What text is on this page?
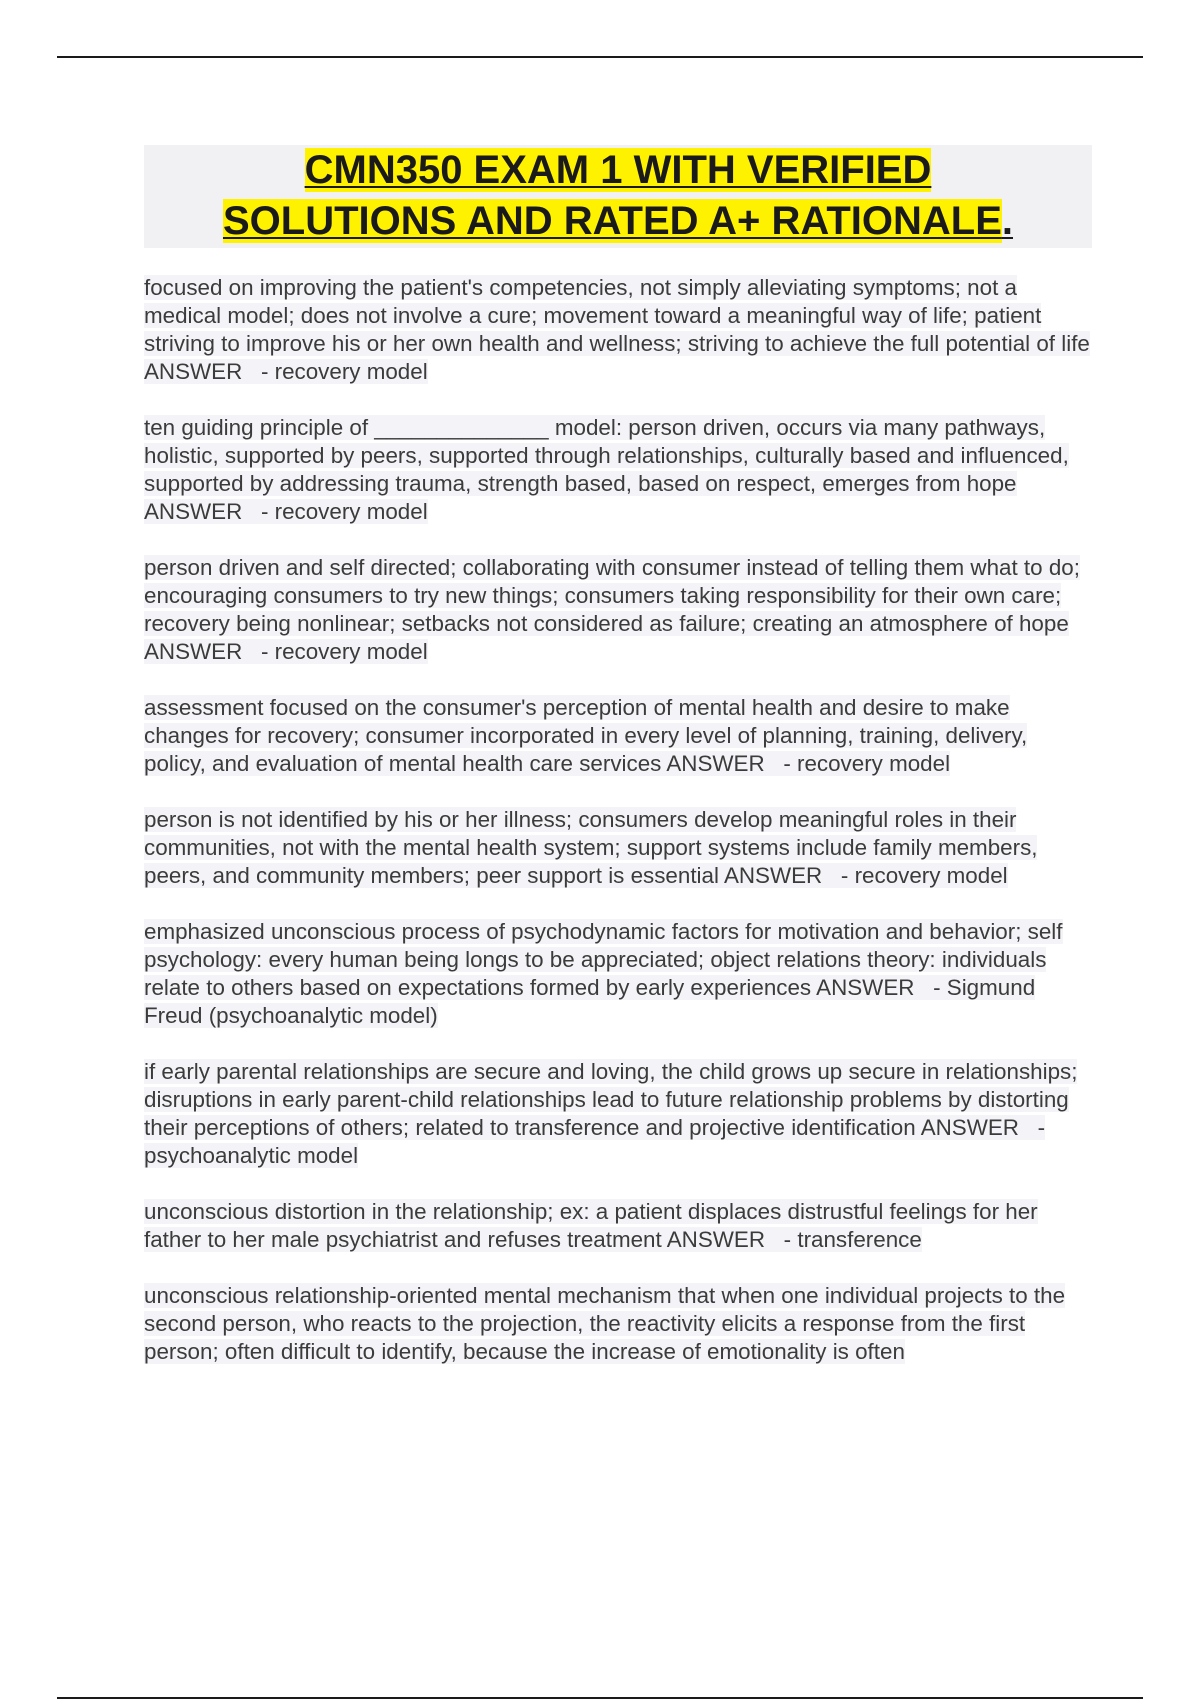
CMN350 EXAM 1 WITH VERIFIED
SOLUTIONS AND RATED A+ RATIONALE.

focused on improving the patient's competencies, not simply alleviating symptoms; not a medical model; does not involve a cure; movement toward a meaningful way of life; patient striving to improve his or her own health and wellness; striving to achieve the full potential of life ANSWER - recovery model

ten guiding principle of ______________ model: person driven, occurs via many pathways, holistic, supported by peers, supported through relationships, culturally based and influenced, supported by addressing trauma, strength based, based on respect, emerges from hope ANSWER - recovery model

person driven and self directed; collaborating with consumer instead of telling them what to do; encouraging consumers to try new things; consumers taking responsibility for their own care; recovery being nonlinear; setbacks not considered as failure; creating an atmosphere of hope ANSWER - recovery model

assessment focused on the consumer's perception of mental health and desire to make changes for recovery; consumer incorporated in every level of planning, training, delivery, policy, and evaluation of mental health care services ANSWER - recovery model

person is not identified by his or her illness; consumers develop meaningful roles in their communities, not with the mental health system; support systems include family members, peers, and community members; peer support is essential ANSWER - recovery model

emphasized unconscious process of psychodynamic factors for motivation and behavior; self psychology: every human being longs to be appreciated; object relations theory: individuals relate to others based on expectations formed by early experiences ANSWER - Sigmund Freud (psychoanalytic model)

if early parental relationships are secure and loving, the child grows up secure in relationships; disruptions in early parent-child relationships lead to future relationship problems by distorting their perceptions of others; related to transference and projective identification ANSWER - psychoanalytic model

unconscious distortion in the relationship; ex: a patient displaces distrustful feelings for her father to her male psychiatrist and refuses treatment ANSWER - transference

unconscious relationship-oriented mental mechanism that when one individual projects to the second person, who reacts to the projection, the reactivity elicits a response from the first person; often difficult to identify, because the increase of emotionality is often
